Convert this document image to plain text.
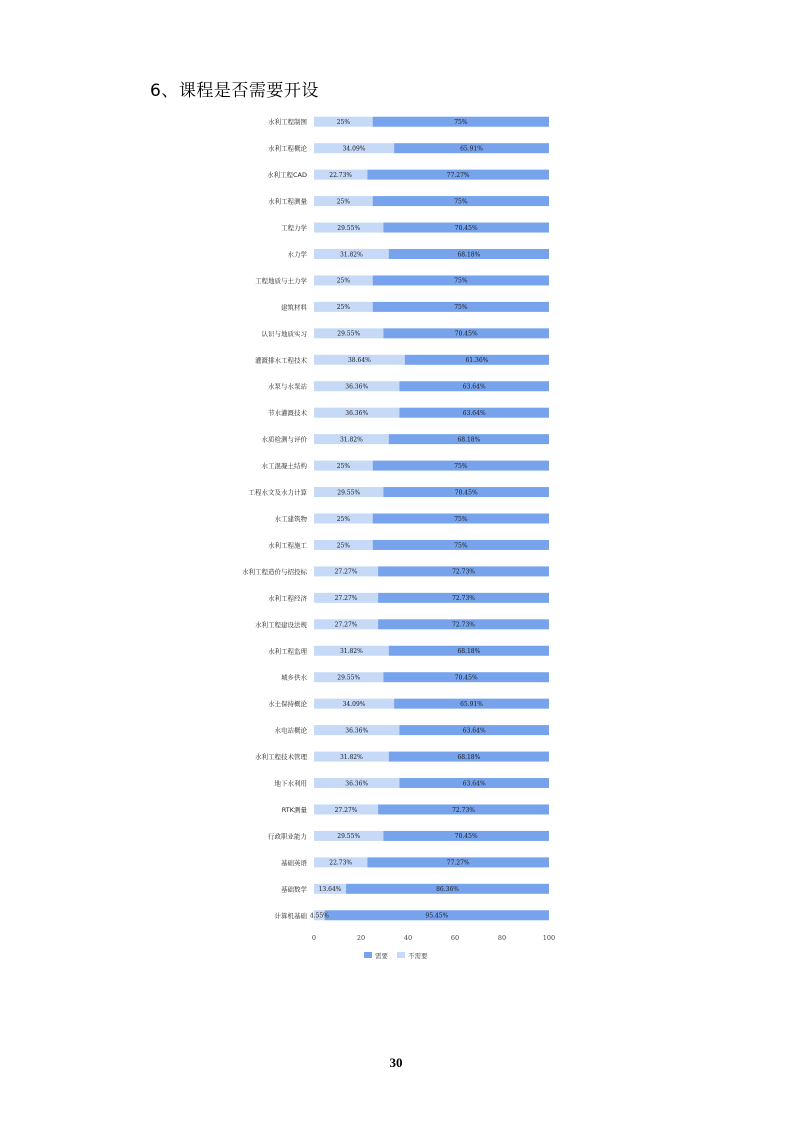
6、课程是否需要开设
水利工程制图	25%	75%
水利工程概论	34.09%	65.91%
水利工程CAD	22.73%	77.27%
水利工程测量	25%	75%
工程力学	29.55%	70.45%
水力学	31.82%	68.18%
工程地质与土力学	25%	75%
建筑材料	25%	75%
认识与地质实习	29.55%	70.45%
灌溉排水工程技术	38.64%	61.36%
水泵与水泵站	36.36%	63.64%
节水灌溉技术	36.36%	63.64%
水质检测与评价	31.82%	68.18%
水工混凝土结构	25%	75%
工程水文及水力计算	29.55%	70.45%
水工建筑物	25%	75%
水利工程施工	25%	75%
水利工程造价与招投标	27.27%	72.73%
水利工程经济	27.27%	72.73%
水利工程建设法规	27.27%	72.73%
水利工程监理	31.82%	68.18%
城乡供水	29.55%	70.45%
水土保持概论	34.09%	65.91%
水电站概论	36.36%	63.64%
水利工程技术管理	31.82%	68.18%
地下水利用	36.36%	63.64%
RTK测量	27.27%	72.73%
行政职业能力	29.55%	70.45%
基础英语	22.73%	77.27%
基础数学 13.64%	86.36%
计算机基础 4.55%	95.45%
0	20	40	60	80	100
需要	不需要
30
